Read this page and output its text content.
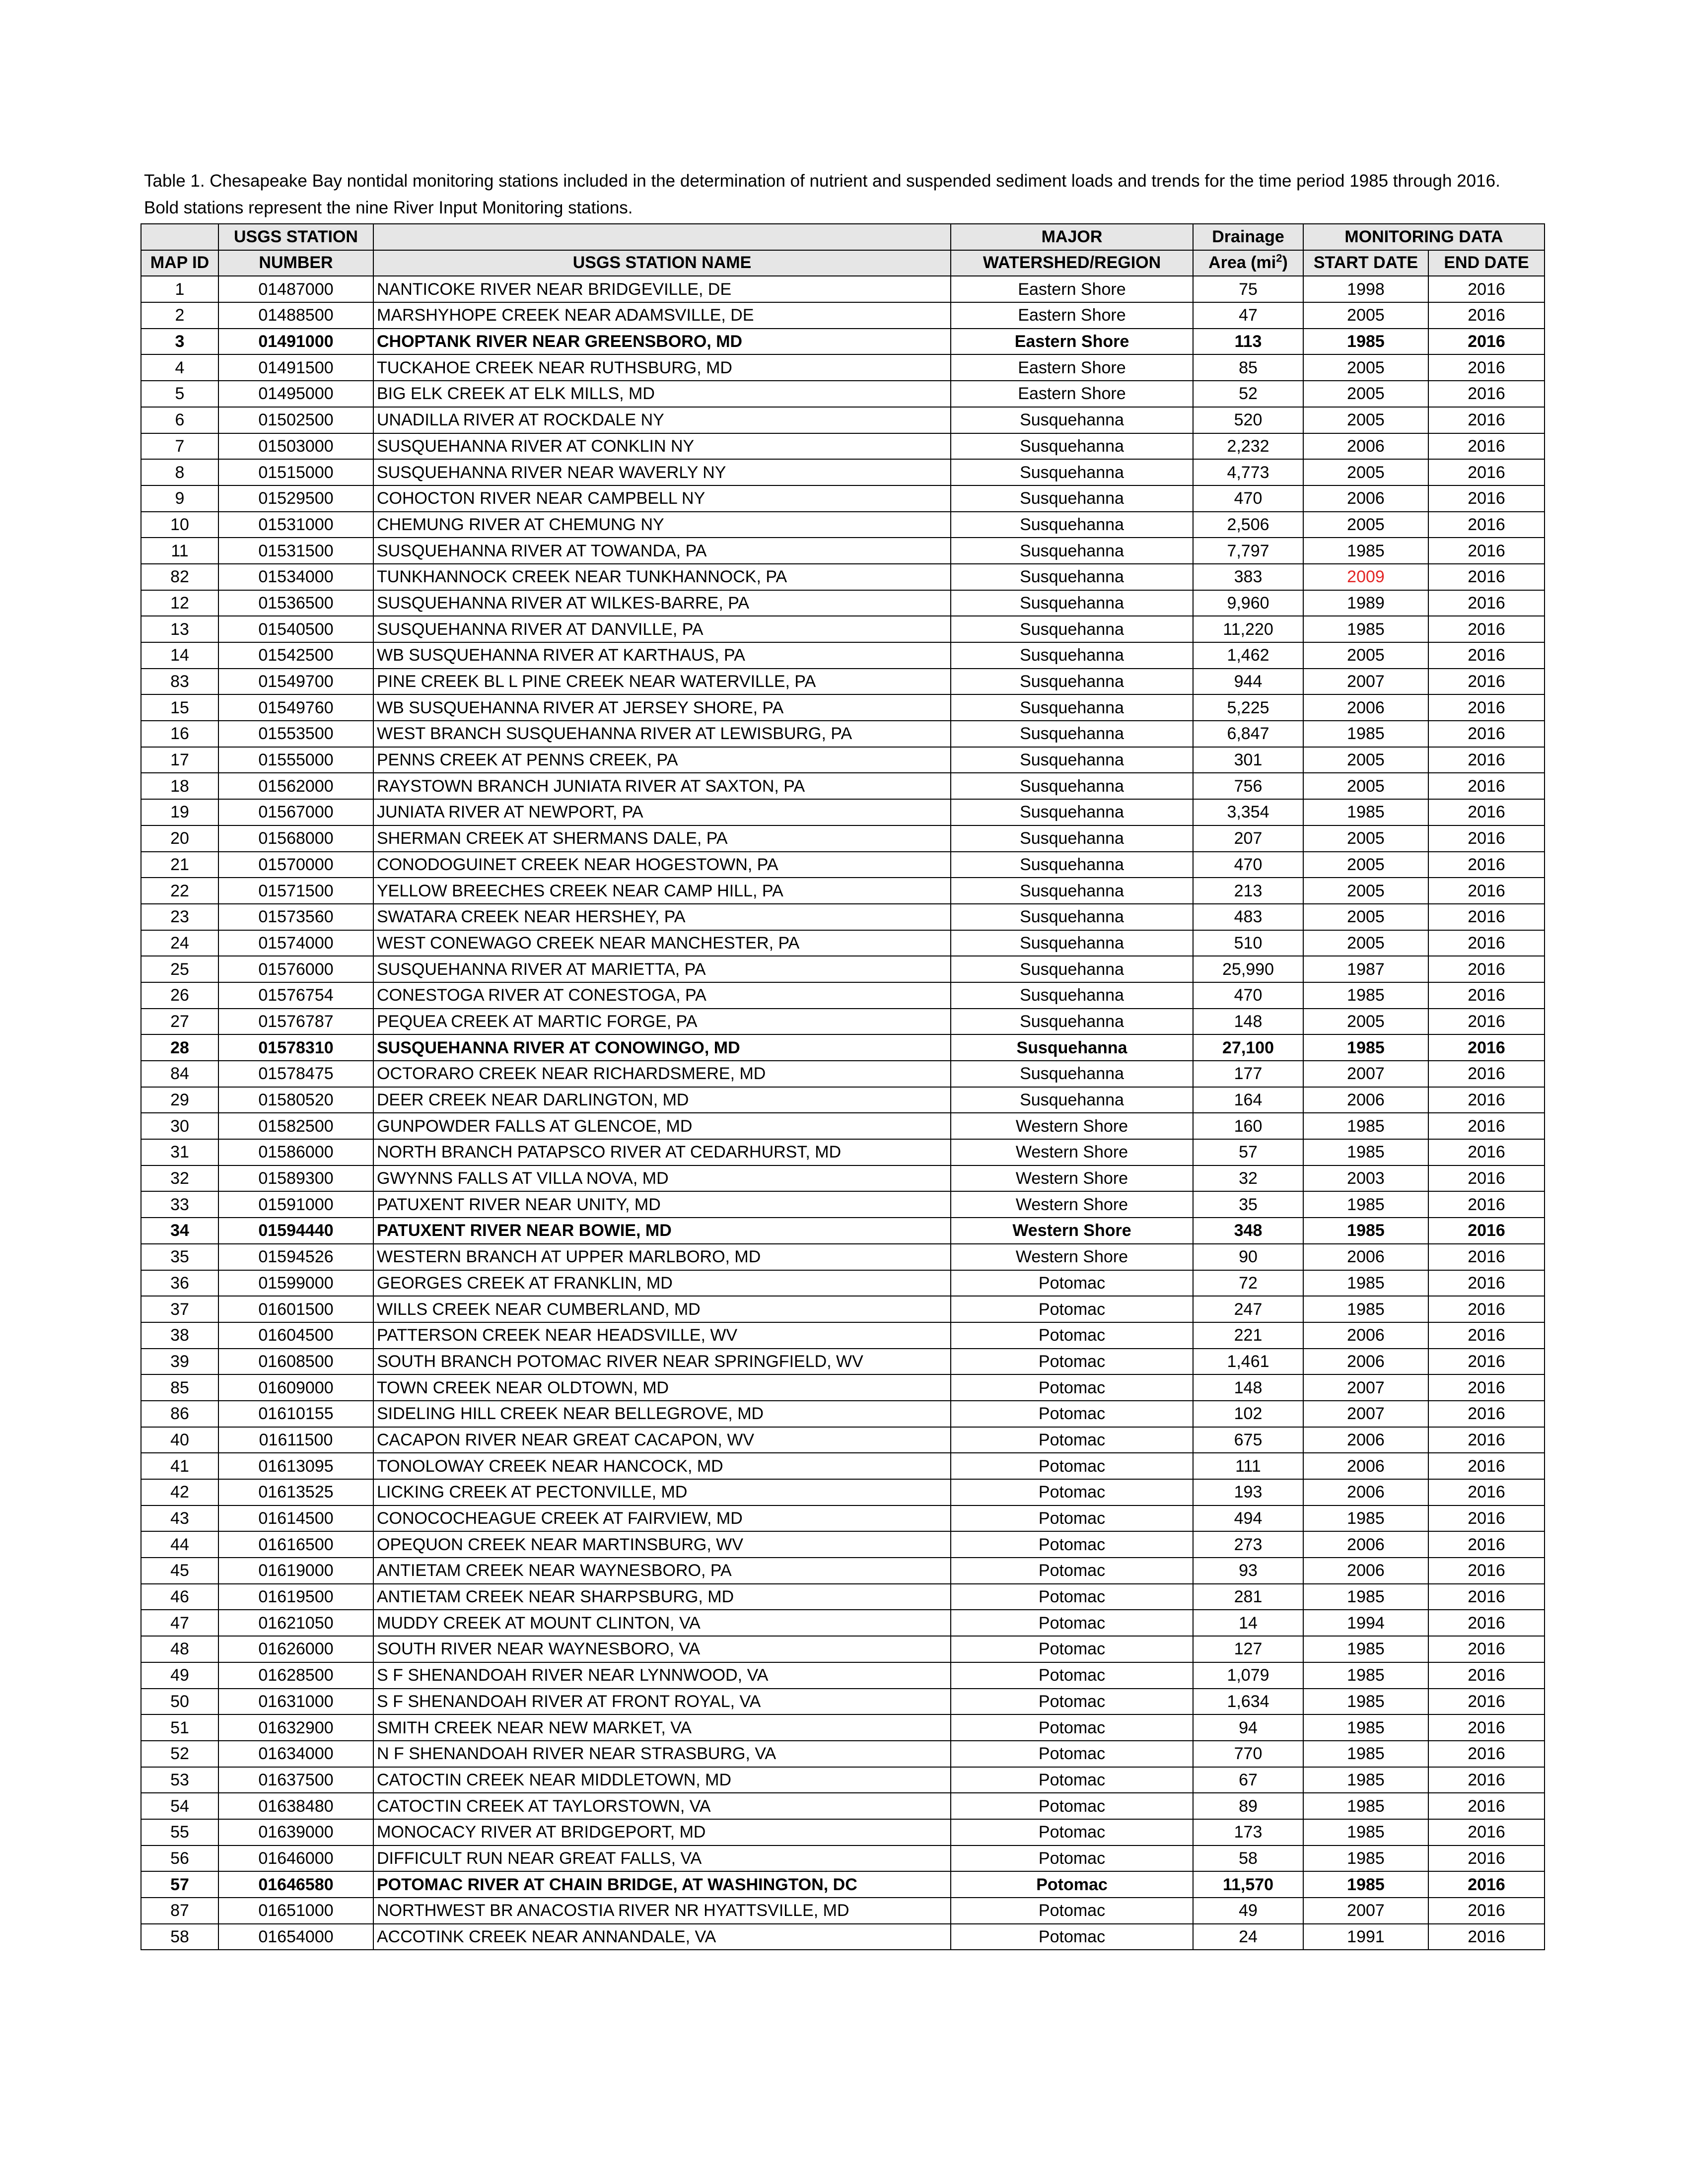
Table 1. Chesapeake Bay nontidal monitoring stations included in the determination of nutrient and suspended sediment loads and trends for the time period 1985 through 2016. Bold stations represent the nine River Input Monitoring stations.

	USGS STATION		MAJOR	Drainage	MONITORING DATA	
MAP ID	NUMBER	USGS STATION NAME	WATERSHED/REGION	Area $(mi^2)$	START DATE	END DATE
1	01487000	NANTICOKE RIVER NEAR BRIDGEVILLE, DE	Eastern Shore	75	1998	2016
2	01488500	MARSHYHOPE CREEK NEAR ADAMSVILLE, DE	Eastern Shore	47	2005	2016
3	01491000	CHOPTANK RIVER NEAR GREENSBORO, MD	Eastern Shore	113	1985	2016
4	01491500	TUCKAHOE CREEK NEAR RUTHSBURG, MD	Eastern Shore	85	2005	2016
5	01495000	BIG ELK CREEK AT ELK MILLS, MD	Eastern Shore	52	2005	2016
6	01502500	UNADILLA RIVER AT ROCKDALE NY	Susquehanna	520	2005	2016
7	01503000	SUSQUEHANNA RIVER AT CONKLIN NY	Susquehanna	2,232	2006	2016
8	01515000	SUSQUEHANNA RIVER NEAR WAVERLY NY	Susquehanna	4,773	2005	2016
9	01529500	COHOCTON RIVER NEAR CAMPBELL NY	Susquehanna	470	2006	2016
10	01531000	CHEMUNG RIVER AT CHEMUNG NY	Susquehanna	2,506	2005	2016
11	01531500	SUSQUEHANNA RIVER AT TOWANDA, PA	Susquehanna	7,797	1985	2016
82	01534000	TUNKHANNOCK CREEK NEAR TUNKHANNOCK, PA	Susquehanna	383	2009	2016
12	01536500	SUSQUEHANNA RIVER AT WILKES-BARRE, PA	Susquehanna	9,960	1989	2016
13	01540500	SUSQUEHANNA RIVER AT DANVILLE, PA	Susquehanna	11,220	1985	2016
14	01542500	WB SUSQUEHANNA RIVER AT KARTHAUS, PA	Susquehanna	1,462	2005	2016
83	01549700	PINE CREEK BL L PINE CREEK NEAR WATERVILLE, PA	Susquehanna	944	2007	2016
15	01549760	WB SUSQUEHANNA RIVER AT JERSEY SHORE, PA	Susquehanna	5,225	2006	2016
16	01553500	WEST BRANCH SUSQUEHANNA RIVER AT LEWISBURG, PA	Susquehanna	6,847	1985	2016
17	01555000	PENNS CREEK AT PENNS CREEK, PA	Susquehanna	301	2005	2016
18	01562000	RAYSTOWN BRANCH JUNIATA RIVER AT SAXTON, PA	Susquehanna	756	2005	2016
19	01567000	JUNIATA RIVER AT NEWPORT, PA	Susquehanna	3,354	1985	2016
20	01568000	SHERMAN CREEK AT SHERMANS DALE, PA	Susquehanna	207	2005	2016
21	01570000	CONODOGUINET CREEK NEAR HOGESTOWN, PA	Susquehanna	470	2005	2016
22	01571500	YELLOW BREECHES CREEK NEAR CAMP HILL, PA	Susquehanna	213	2005	2016
23	01573560	SWATARA CREEK NEAR HERSHEY, PA	Susquehanna	483	2005	2016
24	01574000	WEST CONEWAGO CREEK NEAR MANCHESTER, PA	Susquehanna	510	2005	2016
25	01576000	SUSQUEHANNA RIVER AT MARIETTA, PA	Susquehanna	25,990	1987	2016
26	01576754	CONESTOGA RIVER AT CONESTOGA, PA	Susquehanna	470	1985	2016
27	01576787	PEQUEA CREEK AT MARTIC FORGE, PA	Susquehanna	148	2005	2016
28	01578310	SUSQUEHANNA RIVER AT CONOWINGO, MD	Susquehanna	27,100	1985	2016
84	01578475	OCTORARO CREEK NEAR RICHARDSMERE, MD	Susquehanna	177	2007	2016
29	01580520	DEER CREEK NEAR DARLINGTON, MD	Susquehanna	164	2006	2016
30	01582500	GUNPOWDER FALLS AT GLENCOE, MD	Western Shore	160	1985	2016
31	01586000	NORTH BRANCH PATAPSCO RIVER AT CEDARHURST, MD	Western Shore	57	1985	2016
32	01589300	GWYNNS FALLS AT VILLA NOVA, MD	Western Shore	32	2003	2016
33	01591000	PATUXENT RIVER NEAR UNITY, MD	Western Shore	35	1985	2016
34	01594440	PATUXENT RIVER NEAR BOWIE, MD	Western Shore	348	1985	2016
35	01594526	WESTERN BRANCH AT UPPER MARLBORO, MD	Western Shore	90	2006	2016
36	01599000	GEORGES CREEK AT FRANKLIN, MD	Potomac	72	1985	2016
37	01601500	WILLS CREEK NEAR CUMBERLAND, MD	Potomac	247	1985	2016
38	01604500	PATTERSON CREEK NEAR HEADSVILLE, WV	Potomac	221	2006	2016
39	01608500	SOUTH BRANCH POTOMAC RIVER NEAR SPRINGFIELD, WV	Potomac	1,461	2006	2016
85	01609000	TOWN CREEK NEAR OLDTOWN, MD	Potomac	148	2007	2016
86	01610155	SIDELING HILL CREEK NEAR BELLEGROVE, MD	Potomac	102	2007	2016
40	01611500	CACAPON RIVER NEAR GREAT CACAPON, WV	Potomac	675	2006	2016
41	01613095	TONOLOWAY CREEK NEAR HANCOCK, MD	Potomac	111	2006	2016
42	01613525	LICKING CREEK AT PECTONVILLE, MD	Potomac	193	2006	2016
43	01614500	CONOCOCHEAGUE CREEK AT FAIRVIEW, MD	Potomac	494	1985	2016
44	01616500	OPEQUON CREEK NEAR MARTINSBURG, WV	Potomac	273	2006	2016
45	01619000	ANTIETAM CREEK NEAR WAYNESBORO, PA	Potomac	93	2006	2016
46	01619500	ANTIETAM CREEK NEAR SHARPSBURG, MD	Potomac	281	1985	2016
47	01621050	MUDDY CREEK AT MOUNT CLINTON, VA	Potomac	14	1994	2016
48	01626000	SOUTH RIVER NEAR WAYNESBORO, VA	Potomac	127	1985	2016
49	01628500	S F SHENANDOAH RIVER NEAR LYNNWOOD, VA	Potomac	1,079	1985	2016
50	01631000	S F SHENANDOAH RIVER AT FRONT ROYAL, VA	Potomac	1,634	1985	2016
51	01632900	SMITH CREEK NEAR NEW MARKET, VA	Potomac	94	1985	2016
52	01634000	N F SHENANDOAH RIVER NEAR STRASBURG, VA	Potomac	770	1985	2016
53	01637500	CATOCTIN CREEK NEAR MIDDLETOWN, MD	Potomac	67	1985	2016
54	01638480	CATOCTIN CREEK AT TAYLORSTOWN, VA	Potomac	89	1985	2016
55	01639000	MONOCACY RIVER AT BRIDGEPORT, MD	Potomac	173	1985	2016
56	01646000	DIFFICULT RUN NEAR GREAT FALLS, VA	Potomac	58	1985	2016
57	01646580	POTOMAC RIVER AT CHAIN BRIDGE, AT WASHINGTON, DC	Potomac	11,570	1985	2016
87	01651000	NORTHWEST BR ANACOSTIA RIVER NR HYATTSVILLE, MD	Potomac	49	2007	2016
58	01654000	ACCOTINK CREEK NEAR ANNANDALE, VA	Potomac	24	1991	2016
